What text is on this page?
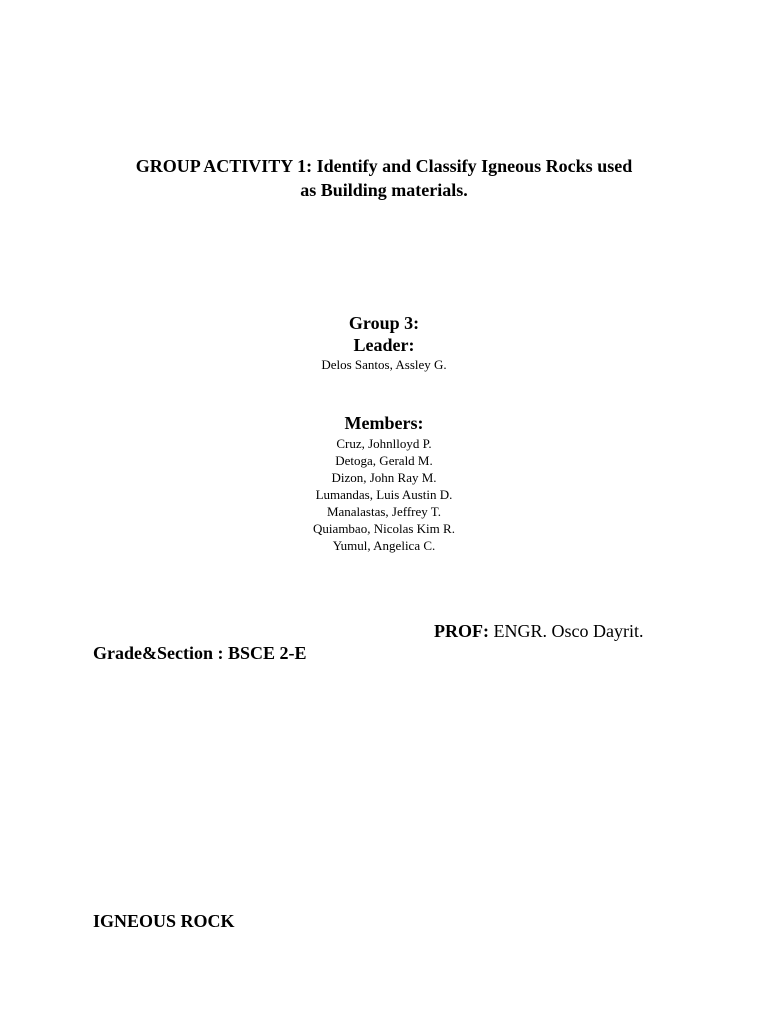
GROUP ACTIVITY 1: Identify and Classify Igneous Rocks used
as Building materials.
Group 3:
Leader:
Delos Santos, Assley G.
Members:
Cruz, Johnlloyd P.
Detoga, Gerald M.
Dizon, John Ray M.
Lumandas, Luis Austin D.
Manalastas, Jeffrey T.
Quiambao, Nicolas Kim R.
Yumul, Angelica C.
PROF: ENGR. Osco Dayrit.
Grade&Section : BSCE 2-E
IGNEOUS ROCK
